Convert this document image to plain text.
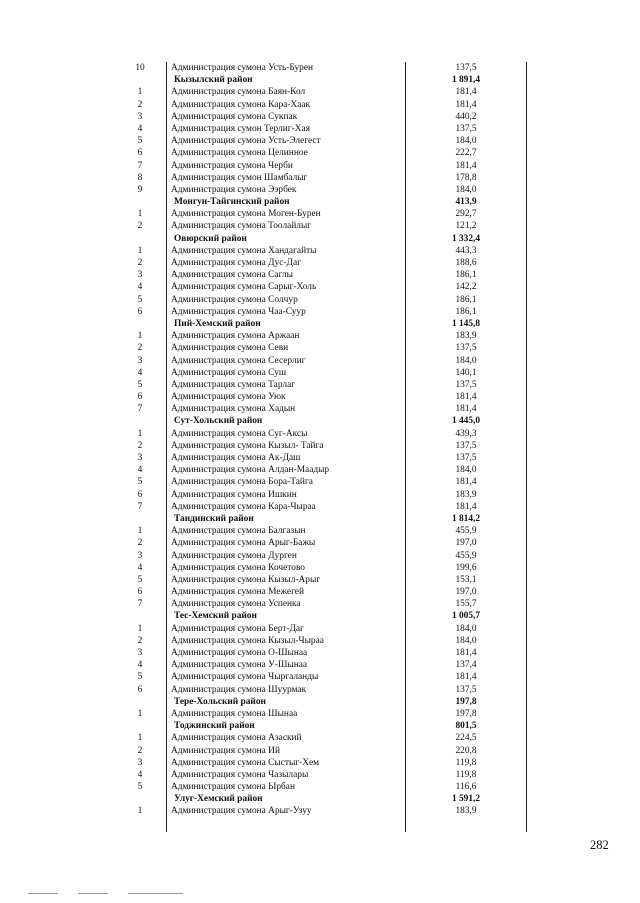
10	Администрация сумона Усть-Бурен	137,5
Кызылский район	1 891,4
1	Администрация сумона Баян-Кол	181,4
2	Администрация сумона Кара-Хаак	181,4
3	Администрация сумона Сукпак	440,2
4	Администрация сумон Терлиг-Хая	137,5
5	Администрация сумона Усть-Элегест	184,0
6	Администрация сумона Целинное	222,7
7	Администрация сумона Черби	181,4
8	Администрация сумон Шамбалыг	178,8
9	Администрация сумона Ээрбек	184,0
Монгун-Тайгинский район	413,9
1	Администрация сумона Моген-Бурен	292,7
2	Администрация сумона Тоолайлыг	121,2
Овюрский район	1 332,4
1	Администрация сумона Хандагайты	443,3
2	Администрация сумона Дус-Даг	188,6
3	Администрация сумона Саглы	186,1
4	Администрация сумона Сарыг-Холь	142,2
5	Администрация сумона Солчур	186,1
6	Администрация сумона Чаа-Суур	186,1
Пий-Хемский район	1 145,8
1	Администрация сумона Аржаан	183,9
2	Администрация сумона Севи	137,5
3	Администрация сумона Сесерлиг	184,0
4	Администрация сумона Суш	140,1
5	Администрация сумона Тарлаг	137,5
6	Администрация сумона Уюк	181,4
7	Администрация сумона Хадын	181,4
Сут-Хольский район	1 445,0
1	Администрация сумона Суг-Аксы	439,3
2	Администрация сумона Кызыл- Тайга	137,5
3	Администрация сумона Ак-Даш	137,5
4	Администрация сумона Алдан-Маадыр	184,0
5	Администрация сумона Бора-Тайга	181,4
6	Администрация сумона Ишкин	183,9
7	Администрация сумона Кара-Чыраа	181,4
Тандинский район	1 814,2
1	Администрация сумона Балгазын	455,9
2	Администрация сумона Арыг-Бажы	197,0
3	Администрация сумона Дурген	455,9
4	Администрация сумона Кочетово	199,6
5	Администрация сумона Кызыл-Арыг	153,1
6	Администрация сумона Межегей	197,0
7	Администрация сумона Успенка	155,7
Тес-Хемский район	1 005,7
1	Администрация сумона Берт-Даг	184,0
2	Администрация сумона Кызыл-Чыраа	184,0
3	Администрация сумона О-Шынаа	181,4
4	Администрация сумона У-Шынаа	137,4
5	Администрация сумона Чыргаланды	181,4
6	Администрация сумона Шуурмак	137,5
Тере-Хольский район	197,8
1	Администрация сумона Шынаа	197,8
Тоджинский район	801,5
1	Администрация сумона Азаский	224,5
2	Администрация сумона Ий	220,8
3	Администрация сумона Сыстыг-Хем	119,8
4	Администрация сумона Чазылары	119,8
5	Администрация сумона Ырбан	116,6
Улуг-Хемский район	1 591,2
1	Администрация сумона Арыг-Узуу	183,9
282
